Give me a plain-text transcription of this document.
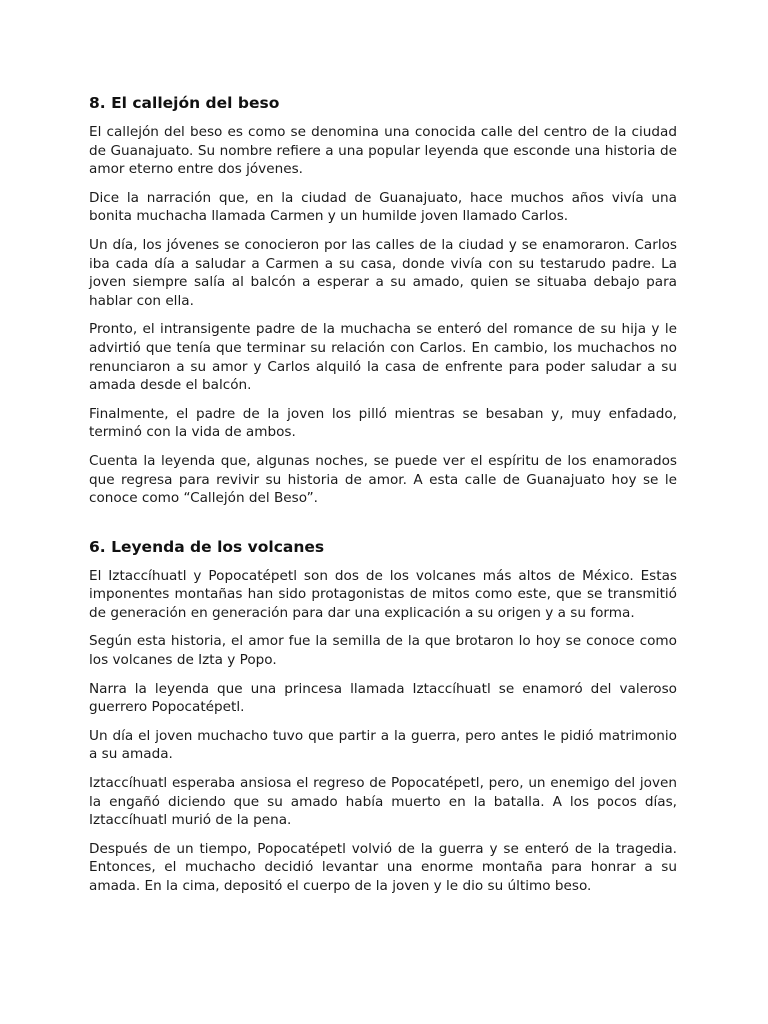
8. El callejón del beso

El callejón del beso es como se denomina una conocida calle del centro de la ciudad de Guanajuato. Su nombre refiere a una popular leyenda que esconde una historia de amor eterno entre dos jóvenes.

Dice la narración que, en la ciudad de Guanajuato, hace muchos años vivía una bonita muchacha llamada Carmen y un humilde joven llamado Carlos.

Un día, los jóvenes se conocieron por las calles de la ciudad y se enamoraron. Carlos iba cada día a saludar a Carmen a su casa, donde vivía con su testarudo padre. La joven siempre salía al balcón a esperar a su amado, quien se situaba debajo para hablar con ella.

Pronto, el intransigente padre de la muchacha se enteró del romance de su hija y le advirtió que tenía que terminar su relación con Carlos. En cambio, los muchachos no renunciaron a su amor y Carlos alquiló la casa de enfrente para poder saludar a su amada desde el balcón.

Finalmente, el padre de la joven los pilló mientras se besaban y, muy enfadado, terminó con la vida de ambos.

Cuenta la leyenda que, algunas noches, se puede ver el espíritu de los enamorados que regresa para revivir su historia de amor. A esta calle de Guanajuato hoy se le conoce como “Callejón del Beso”.

6. Leyenda de los volcanes

El Iztaccíhuatl y Popocatépetl son dos de los volcanes más altos de México. Estas imponentes montañas han sido protagonistas de mitos como este, que se transmitió de generación en generación para dar una explicación a su origen y a su forma.

Según esta historia, el amor fue la semilla de la que brotaron lo hoy se conoce como los volcanes de Izta y Popo.

Narra la leyenda que una princesa llamada Iztaccíhuatl se enamoró del valeroso guerrero Popocatépetl.

Un día el joven muchacho tuvo que partir a la guerra, pero antes le pidió matrimonio a su amada.

Iztaccíhuatl esperaba ansiosa el regreso de Popocatépetl, pero, un enemigo del joven la engañó diciendo que su amado había muerto en la batalla. A los pocos días, Iztaccíhuatl murió de la pena.

Después de un tiempo, Popocatépetl volvió de la guerra y se enteró de la tragedia. Entonces, el muchacho decidió levantar una enorme montaña para honrar a su amada. En la cima, depositó el cuerpo de la joven y le dio su último beso.
